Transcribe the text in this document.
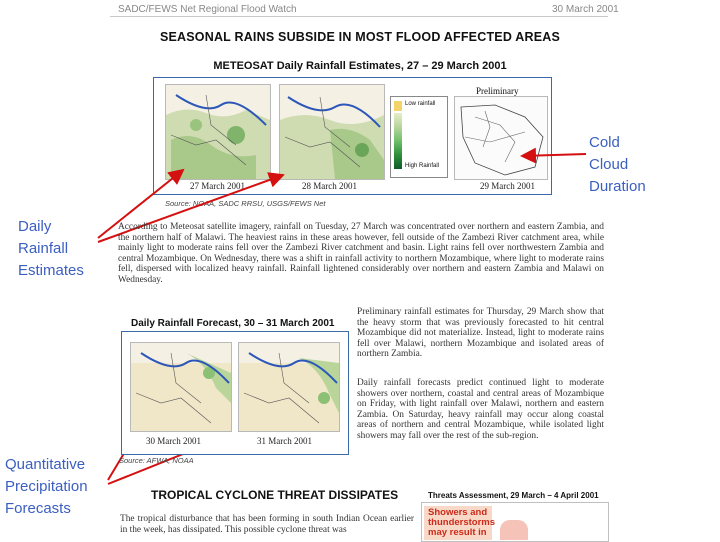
SADC/FEWS Net Regional Flood Watch	30 March 2001
SEASONAL RAINS SUBSIDE IN MOST FLOOD AFFECTED AREAS
METEOSAT Daily Rainfall Estimates, 27 – 29 March 2001
Low rainfall
High Rainfall
Preliminary
27 March 2001	28 March 2001	29 March 2001
Source: NOAA, SADC RRSU, USGS/FEWS Net
Cold
Cloud
Duration
Daily
Rainfall
Estimates
Quantitative
Precipitation
Forecasts
According to Meteosat satellite imagery, rainfall on Tuesday, 27 March was concentrated over northern and eastern Zambia, and the northern half of Malawi. The heaviest rains in these areas however, fell outside of the Zambezi River catchment area, while mainly light to moderate rains fell over the Zambezi River catchment and basin. Light rains fell over northwestern Zambia and central Mozambique. On Wednesday, there was a shift in rainfall activity to northern Mozambique, where light to moderate rains fell, dispersed with localized heavy rainfall. Rainfall lightened considerably over northern and eastern Zambia and Malawi on Wednesday.
Daily Rainfall Forecast, 30 – 31 March 2001
30 March 2001	31 March 2001
Source: AFWA, NOAA
Preliminary rainfall estimates for Thursday, 29 March show that the heavy storm that was previously forecasted to hit central Mozambique did not materialize. Instead, light to moderate rains fell over Malawi, northern Mozambique and isolated areas of northern Zambia.
Daily rainfall forecasts predict continued light to moderate showers over northern, coastal and central areas of Mozambique on Friday, with light rainfall over Malawi, northern and eastern Zambia. On Saturday, heavy rainfall may occur along coastal areas of northern and central Mozambique, while isolated light showers may fall over the rest of the sub-region.
TROPICAL CYCLONE THREAT DISSIPATES
The tropical disturbance that has been forming in south Indian Ocean earlier in the week, has dissipated. This possible cyclone threat was
Threats Assessment, 29 March – 4 April 2001
Showers and thunderstorms may result in
